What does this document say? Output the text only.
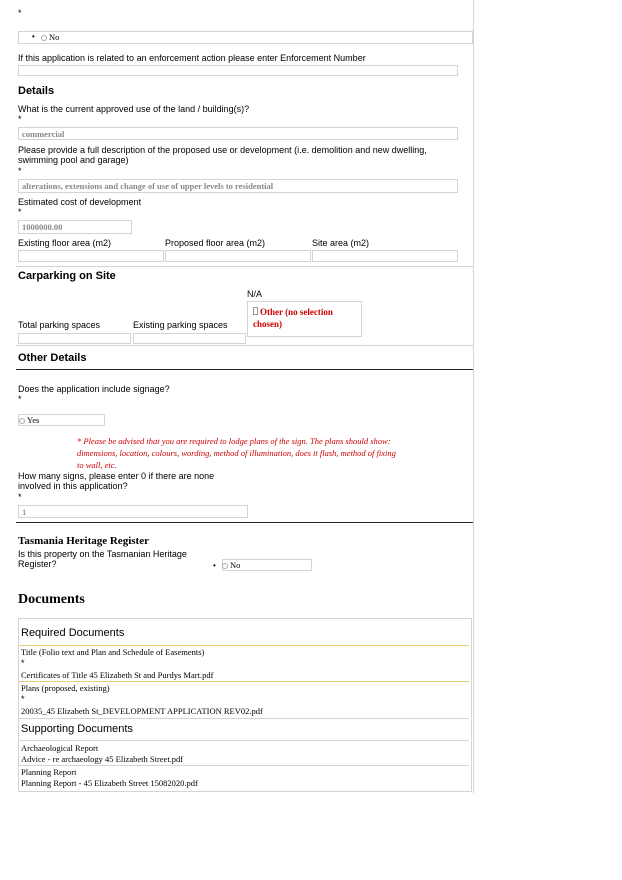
*
•	No
If this application is related to an enforcement action please enter Enforcement Number
Details
What is the current approved use of the land / building(s)?
*
commercial
Please provide a full description of the proposed use or development (i.e. demolition and new dwelling, swimming pool and garage)
*
alterations, extensions and change of use of upper levels to residential
Estimated cost of development
*
1000000.00
Existing floor area (m2)	Proposed floor area (m2)	Site area (m2)
Carparking on Site
N/A
Other (no selection chosen)
Total parking spaces	Existing parking spaces
Other Details
Does the application include signage?
*
Yes
* Please be advised that you are required to lodge plans of the sign. The plans should show: dimensions, location, colours, wording, method of illumination, does it flash, method of fixing to wall, etc.
How many signs, please enter 0 if there are none involved in this application?
*
1
Tasmania Heritage Register
Is this property on the Tasmanian Heritage Register?	•	No
Documents
Required Documents
Title (Folio text and Plan and Schedule of Easements)
*
Certificates of Title 45 Elizabeth St and Purdys Mart.pdf
Plans (proposed, existing)
*
20035_45 Elizabeth St_DEVELOPMENT APPLICATION REV02.pdf
Supporting Documents
Archaeological Report
Advice - re archaeology 45 Elizabeth Street.pdf
Planning Report
Planning Report - 45 Elizabeth Street 15082020.pdf
